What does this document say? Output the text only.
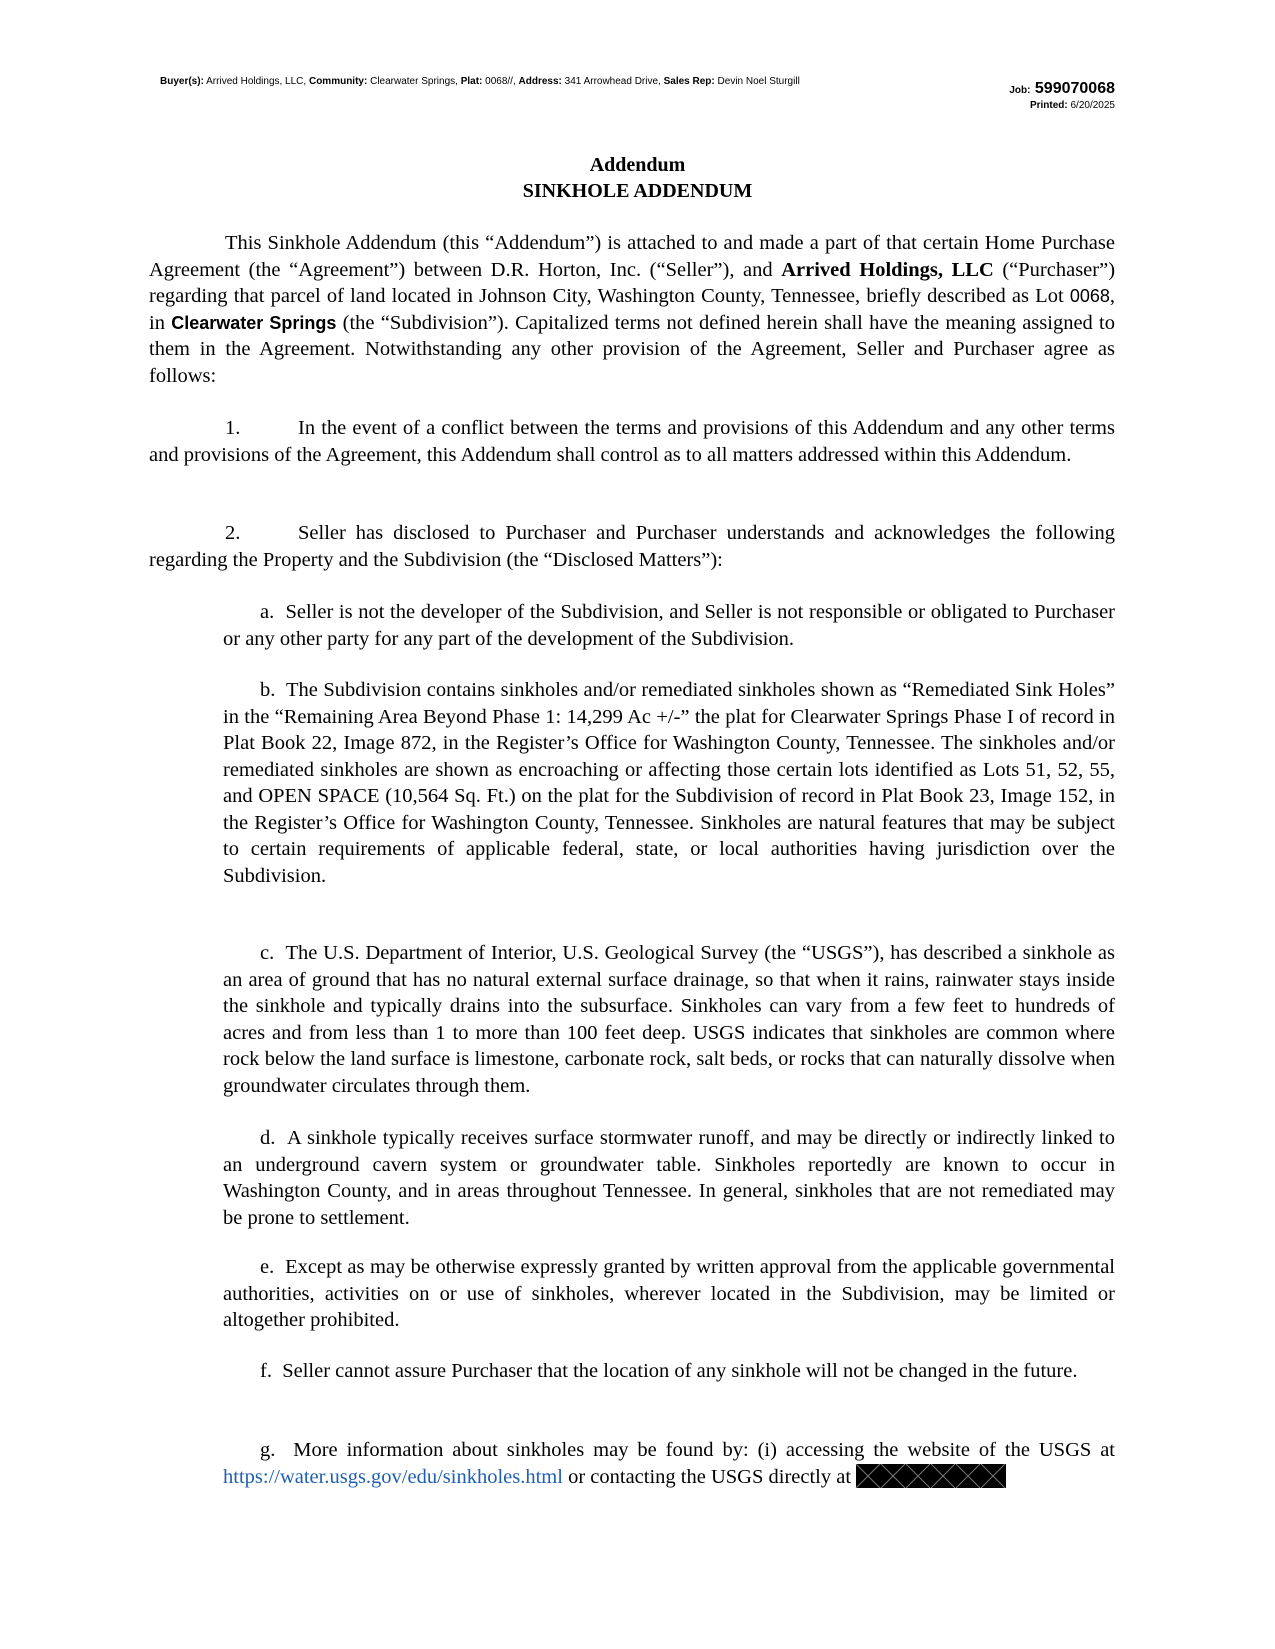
Buyer(s): Arrived Holdings, LLC, Community: Clearwater Springs, Plat: 0068//, Address: 341 Arrowhead Drive, Sales Rep: Devin Noel Sturgill
Job: 599070068
Printed: 6/20/2025
Addendum
SINKHOLE ADDENDUM
This Sinkhole Addendum (this “Addendum”) is attached to and made a part of that certain Home Purchase Agreement (the “Agreement”) between D.R. Horton, Inc. (“Seller”), and Arrived Holdings, LLC (“Purchaser”) regarding that parcel of land located in Johnson City, Washington County, Tennessee, briefly described as Lot 0068, in Clearwater Springs (the “Subdivision”). Capitalized terms not defined herein shall have the meaning assigned to them in the Agreement. Notwithstanding any other provision of the Agreement, Seller and Purchaser agree as follows:
1.	In the event of a conflict between the terms and provisions of this Addendum and any other terms and provisions of the Agreement, this Addendum shall control as to all matters addressed within this Addendum.
2.	Seller has disclosed to Purchaser and Purchaser understands and acknowledges the following regarding the Property and the Subdivision (the “Disclosed Matters”):
a. Seller is not the developer of the Subdivision, and Seller is not responsible or obligated to Purchaser or any other party for any part of the development of the Subdivision.
b. The Subdivision contains sinkholes and/or remediated sinkholes shown as “Remediated Sink Holes” in the “Remaining Area Beyond Phase 1: 14,299 Ac +/-” the plat for Clearwater Springs Phase I of record in Plat Book 22, Image 872, in the Register’s Office for Washington County, Tennessee. The sinkholes and/or remediated sinkholes are shown as encroaching or affecting those certain lots identified as Lots 51, 52, 55, and OPEN SPACE (10,564 Sq. Ft.) on the plat for the Subdivision of record in Plat Book 23, Image 152, in the Register’s Office for Washington County, Tennessee. Sinkholes are natural features that may be subject to certain requirements of applicable federal, state, or local authorities having jurisdiction over the Subdivision.
c. The U.S. Department of Interior, U.S. Geological Survey (the “USGS”), has described a sinkhole as an area of ground that has no natural external surface drainage, so that when it rains, rainwater stays inside the sinkhole and typically drains into the subsurface. Sinkholes can vary from a few feet to hundreds of acres and from less than 1 to more than 100 feet deep. USGS indicates that sinkholes are common where rock below the land surface is limestone, carbonate rock, salt beds, or rocks that can naturally dissolve when groundwater circulates through them.
d. A sinkhole typically receives surface stormwater runoff, and may be directly or indirectly linked to an underground cavern system or groundwater table. Sinkholes reportedly are known to occur in Washington County, and in areas throughout Tennessee. In general, sinkholes that are not remediated may be prone to settlement.
e. Except as may be otherwise expressly granted by written approval from the applicable governmental authorities, activities on or use of sinkholes, wherever located in the Subdivision, may be limited or altogether prohibited.
f. Seller cannot assure Purchaser that the location of any sinkhole will not be changed in the future.
g. More information about sinkholes may be found by: (i) accessing the website of the USGS at https://water.usgs.gov/edu/sinkholes.html or contacting the USGS directly at
